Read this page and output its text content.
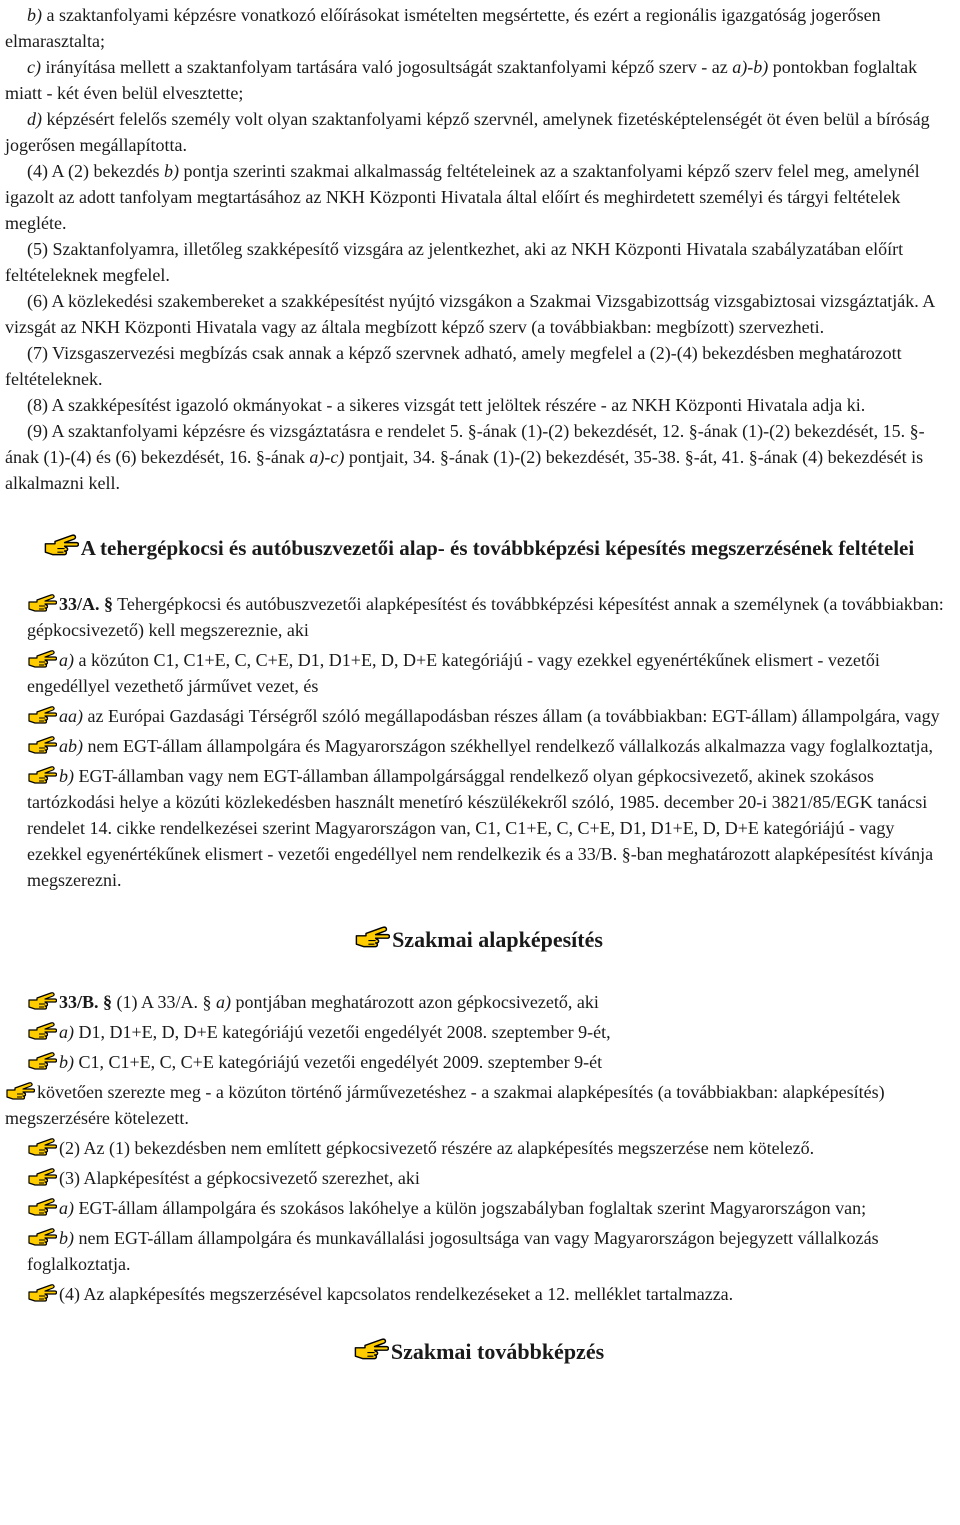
b) a szaktanfolyami képzésre vonatkozó előírásokat ismételten megsértette, és ezért a regionális igazgatóság jogerősen elmarasztalta;

c) irányítása mellett a szaktanfolyam tartására való jogosultságát szaktanfolyami képző szerv - az a)-b) pontokban foglaltak miatt - két éven belül elvesztette;

d) képzésért felelős személy volt olyan szaktanfolyami képző szervnél, amelynek fizetésképtelenségét öt éven belül a bíróság jogerősen megállapította.

(4) A (2) bekezdés b) pontja szerinti szakmai alkalmasság feltételeinek az a szaktanfolyami képző szerv felel meg, amelynél igazolt az adott tanfolyam megtartásához az NKH Központi Hivatala által előírt és meghirdetett személyi és tárgyi feltételek megléte.

(5) Szaktanfolyamra, illetőleg szakképesítő vizsgára az jelentkezhet, aki az NKH Központi Hivatala szabályzatában előírt feltételeknek megfelel.

(6) A közlekedési szakembereket a szakképesítést nyújtó vizsgákon a Szakmai Vizsgabizottság vizsgabiztosai vizsgáztatják. A vizsgát az NKH Központi Hivatala vagy az általa megbízott képző szerv (a továbbiakban: megbízott) szervezheti.

(7) Vizsgaszervezési megbízás csak annak a képző szervnek adható, amely megfelel a (2)-(4) bekezdésben meghatározott feltételeknek.

(8) A szakképesítést igazoló okmányokat - a sikeres vizsgát tett jelöltek részére - az NKH Központi Hivatala adja ki.

(9) A szaktanfolyami képzésre és vizsgáztatásra e rendelet 5. §-ának (1)-(2) bekezdését, 12. §-ának (1)-(2) bekezdését, 15. §-ának (1)-(4) és (6) bekezdését, 16. §-ának a)-c) pontjait, 34. §-ának (1)-(2) bekezdését, 35-38. §-át, 41. §-ának (4) bekezdését is alkalmazni kell.

A tehergépkocsi és autóbuszvezetői alap- és továbbképzési képesítés megszerzésének feltételei

33/A. § Tehergépkocsi és autóbuszvezetői alapképesítést és továbbképzési képesítést annak a személynek (a továbbiakban: gépkocsivezető) kell megszereznie, aki

a) a közúton C1, C1+E, C, C+E, D1, D1+E, D, D+E kategóriájú - vagy ezekkel egyenértékűnek elismert - vezetői engedéllyel vezethető járművet vezet, és

aa) az Európai Gazdasági Térségről szóló megállapodásban részes állam (a továbbiakban: EGT-állam) állampolgára, vagy

ab) nem EGT-állam állampolgára és Magyarországon székhellyel rendelkező vállalkozás alkalmazza vagy foglalkoztatja,

b) EGT-államban vagy nem EGT-államban állampolgársággal rendelkező olyan gépkocsivezető, akinek szokásos tartózkodási helye a közúti közlekedésben használt menetíró készülékekről szóló, 1985. december 20-i 3821/85/EGK tanácsi rendelet 14. cikke rendelkezései szerint Magyarországon van, C1, C1+E, C, C+E, D1, D1+E, D, D+E kategóriájú - vagy ezekkel egyenértékűnek elismert - vezetői engedéllyel nem rendelkezik és a 33/B. §-ban meghatározott alapképesítést kívánja megszerezni.

Szakmai alapképesítés

33/B. § (1) A 33/A. § a) pontjában meghatározott azon gépkocsivezető, aki

a) D1, D1+E, D, D+E kategóriájú vezetői engedélyét 2008. szeptember 9-ét,

b) C1, C1+E, C, C+E kategóriájú vezetői engedélyét 2009. szeptember 9-ét

követően szerezte meg - a közúton történő járművezetéshez - a szakmai alapképesítés (a továbbiakban: alapképesítés) megszerzésére kötelezett.

(2) Az (1) bekezdésben nem említett gépkocsivezető részére az alapképesítés megszerzése nem kötelező.

(3) Alapképesítést a gépkocsivezető szerezhet, aki

a) EGT-állam állampolgára és szokásos lakóhelye a külön jogszabályban foglaltak szerint Magyarországon van;

b) nem EGT-állam állampolgára és munkavállalási jogosultsága van vagy Magyarországon bejegyzett vállalkozás foglalkoztatja.

(4) Az alapképesítés megszerzésével kapcsolatos rendelkezéseket a 12. melléklet tartalmazza.

Szakmai továbbképzés
